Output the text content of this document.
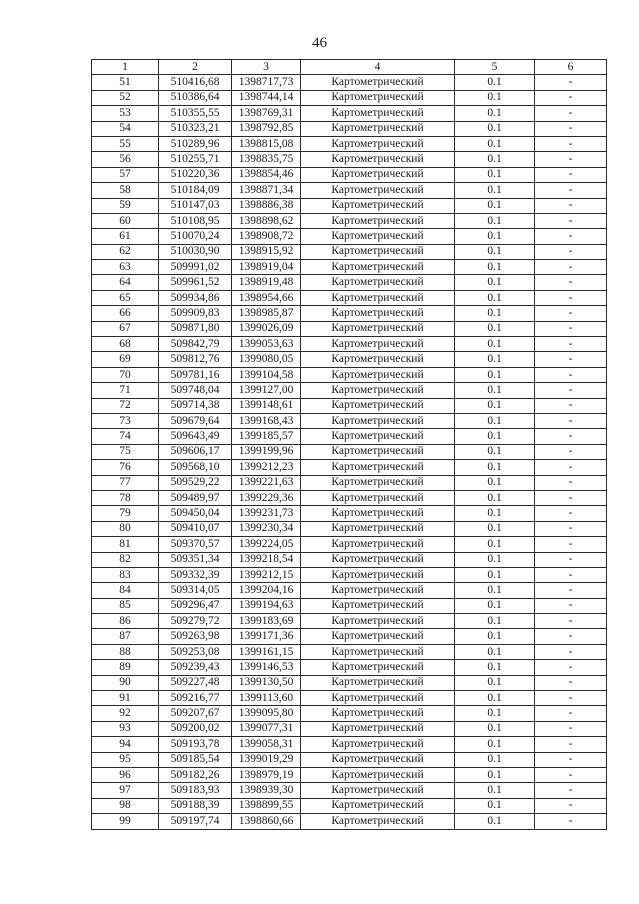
46
1	2	3	4	5	6
51	510416,68	1398717,73	Картометрический	0.1	-
52	510386,64	1398744,14	Картометрический	0.1	-
53	510355,55	1398769,31	Картометрический	0.1	-
54	510323,21	1398792,85	Картометрический	0.1	-
55	510289,96	1398815,08	Картометрический	0.1	-
56	510255,71	1398835,75	Картометрический	0.1	-
57	510220,36	1398854,46	Картометрический	0.1	-
58	510184,09	1398871,34	Картометрический	0.1	-
59	510147,03	1398886,38	Картометрический	0.1	-
60	510108,95	1398898,62	Картометрический	0.1	-
61	510070,24	1398908,72	Картометрический	0.1	-
62	510030,90	1398915,92	Картометрический	0.1	-
63	509991,02	1398919,04	Картометрический	0.1	-
64	509961,52	1398919,48	Картометрический	0.1	-
65	509934,86	1398954,66	Картометрический	0.1	-
66	509909,83	1398985,87	Картометрический	0.1	-
67	509871,80	1399026,09	Картометрический	0.1	-
68	509842,79	1399053,63	Картометрический	0.1	-
69	509812,76	1399080,05	Картометрический	0.1	-
70	509781,16	1399104,58	Картометрический	0.1	-
71	509748,04	1399127,00	Картометрический	0.1	-
72	509714,38	1399148,61	Картометрический	0.1	-
73	509679,64	1399168,43	Картометрический	0.1	-
74	509643,49	1399185,57	Картометрический	0.1	-
75	509606,17	1399199,96	Картометрический	0.1	-
76	509568,10	1399212,23	Картометрический	0.1	-
77	509529,22	1399221,63	Картометрический	0.1	-
78	509489,97	1399229,36	Картометрический	0.1	-
79	509450,04	1399231,73	Картометрический	0.1	-
80	509410,07	1399230,34	Картометрический	0.1	-
81	509370,57	1399224,05	Картометрический	0.1	-
82	509351,34	1399218,54	Картометрический	0.1	-
83	509332,39	1399212,15	Картометрический	0.1	-
84	509314,05	1399204,16	Картометрический	0.1	-
85	509296,47	1399194,63	Картометрический	0.1	-
86	509279,72	1399183,69	Картометрический	0.1	-
87	509263,98	1399171,36	Картометрический	0.1	-
88	509253,08	1399161,15	Картометрический	0.1	-
89	509239,43	1399146,53	Картометрический	0.1	-
90	509227,48	1399130,50	Картометрический	0.1	-
91	509216,77	1399113,60	Картометрический	0.1	-
92	509207,67	1399095,80	Картометрический	0.1	-
93	509200,02	1399077,31	Картометрический	0.1	-
94	509193,78	1399058,31	Картометрический	0.1	-
95	509185,54	1399019,29	Картометрический	0.1	-
96	509182,26	1398979,19	Картометрический	0.1	-
97	509183,93	1398939,30	Картометрический	0.1	-
98	509188,39	1398899,55	Картометрический	0.1	-
99	509197,74	1398860,66	Картометрический	0.1	-
